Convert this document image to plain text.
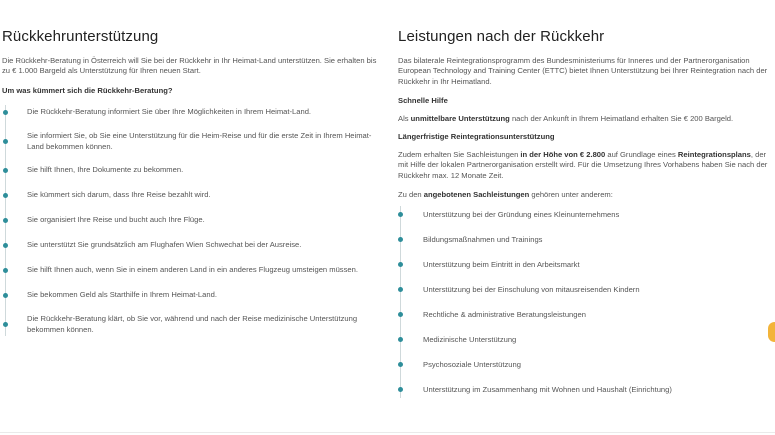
Rückkehrunterstützung

Die Rückkehr-Beratung in Österreich will Sie bei der Rückkehr in Ihr Heimat-Land unterstützen. Sie erhalten bis zu € 1.000 Bargeld als Unterstützung für Ihren neuen Start.

Um was kümmert sich die Rückkehr-Beratung?
Die Rückkehr-Beratung informiert Sie über Ihre Möglichkeiten in Ihrem Heimat-Land.
Sie informiert Sie, ob Sie eine Unterstützung für die Heim-Reise und für die erste Zeit in Ihrem Heimat-Land bekommen können.
Sie hilft Ihnen, Ihre Dokumente zu bekommen.
Sie kümmert sich darum, dass Ihre Reise bezahlt wird.
Sie organisiert Ihre Reise und bucht auch Ihre Flüge.
Sie unterstützt Sie grundsätzlich am Flughafen Wien Schwechat bei der Ausreise.
Sie hilft Ihnen auch, wenn Sie in einem anderen Land in ein anderes Flugzeug umsteigen müssen.
Sie bekommen Geld als Starthilfe in Ihrem Heimat-Land.
Die Rückkehr-Beratung klärt, ob Sie vor, während und nach der Reise medizinische Unterstützung bekommen können.
Leistungen nach der Rückkehr

Das bilaterale Reintegrationsprogramm des Bundesministeriums für Inneres und der Partnerorganisation European Technology and Training Center (ETTC) bietet Ihnen Unterstützung bei Ihrer Reintegration nach der Rückkehr in Ihr Heimatland.

Schnelle Hilfe

Als unmittelbare Unterstützung nach der Ankunft in Ihrem Heimatland erhalten Sie € 200 Bargeld.

Längerfristige Reintegrationsunterstützung

Zudem erhalten Sie Sachleistungen in der Höhe von € 2.800 auf Grundlage eines Reintegrationsplans, der mit Hilfe der lokalen Partnerorganisation erstellt wird. Für die Umsetzung Ihres Vorhabens haben Sie nach der Rückkehr max. 12 Monate Zeit.

Zu den angebotenen Sachleistungen gehören unter anderem:

Unterstützung bei der Gründung eines Kleinunternehmens
Bildungsmaßnahmen und Trainings
Unterstützung beim Eintritt in den Arbeitsmarkt
Unterstützung bei der Einschulung von mitausreisenden Kindern
Rechtliche & administrative Beratungsleistungen
Medizinische Unterstützung
Psychosoziale Unterstützung
Unterstützung im Zusammenhang mit Wohnen und Haushalt (Einrichtung)
